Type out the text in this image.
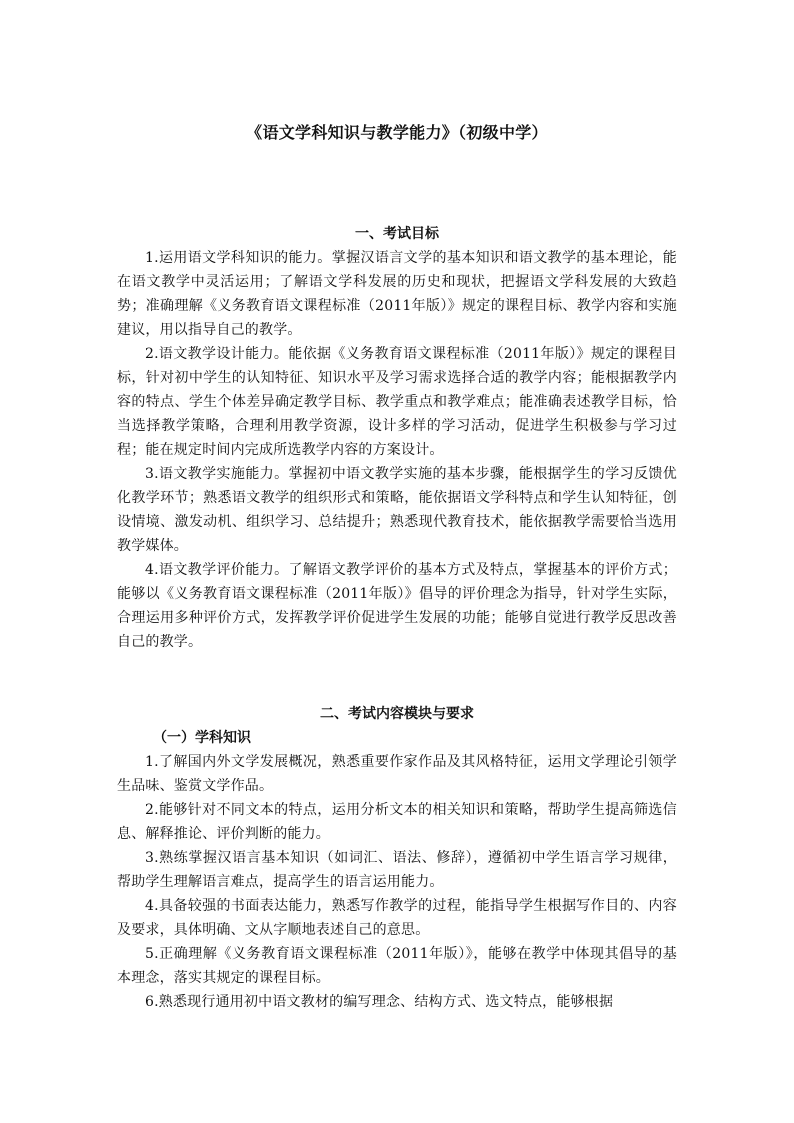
《语文学科知识与教学能力》（初级中学）
一、考试目标

1.运用语文学科知识的能力。掌握汉语言文学的基本知识和语文教学的基本理论，能在语文教学中灵活运用；了解语文学科发展的历史和现状，把握语文学科发展的大致趋势；准确理解《义务教育语文课程标准（2011年版）》规定的课程目标、教学内容和实施建议，用以指导自己的教学。

2.语文教学设计能力。能依据《义务教育语文课程标准（2011年版）》规定的课程目标，针对初中学生的认知特征、知识水平及学习需求选择合适的教学内容；能根据教学内容的特点、学生个体差异确定教学目标、教学重点和教学难点；能准确表述教学目标，恰当选择教学策略，合理利用教学资源，设计多样的学习活动，促进学生积极参与学习过程；能在规定时间内完成所选教学内容的方案设计。

3.语文教学实施能力。掌握初中语文教学实施的基本步骤，能根据学生的学习反馈优化教学环节；熟悉语文教学的组织形式和策略，能依据语文学科特点和学生认知特征，创设情境、激发动机、组织学习、总结提升；熟悉现代教育技术，能依据教学需要恰当选用教学媒体。

4.语文教学评价能力。了解语文教学评价的基本方式及特点，掌握基本的评价方式；能够以《义务教育语文课程标准（2011年版）》倡导的评价理念为指导，针对学生实际，合理运用多种评价方式，发挥教学评价促进学生发展的功能；能够自觉进行教学反思改善自己的教学。

二、考试内容模块与要求
（一）学科知识

1.了解国内外文学发展概况，熟悉重要作家作品及其风格特征，运用文学理论引领学生品味、鉴赏文学作品。

2.能够针对不同文本的特点，运用分析文本的相关知识和策略，帮助学生提高筛选信息、解释推论、评价判断的能力。

3.熟练掌握汉语言基本知识（如词汇、语法、修辞），遵循初中学生语言学习规律，帮助学生理解语言难点，提高学生的语言运用能力。

4.具备较强的书面表达能力，熟悉写作教学的过程，能指导学生根据写作目的、内容及要求，具体明确、文从字顺地表述自己的意思。

5.正确理解《义务教育语文课程标准（2011年版）》，能够在教学中体现其倡导的基本理念，落实其规定的课程目标。

6.熟悉现行通用初中语文教材的编写理念、结构方式、选文特点，能够根据
